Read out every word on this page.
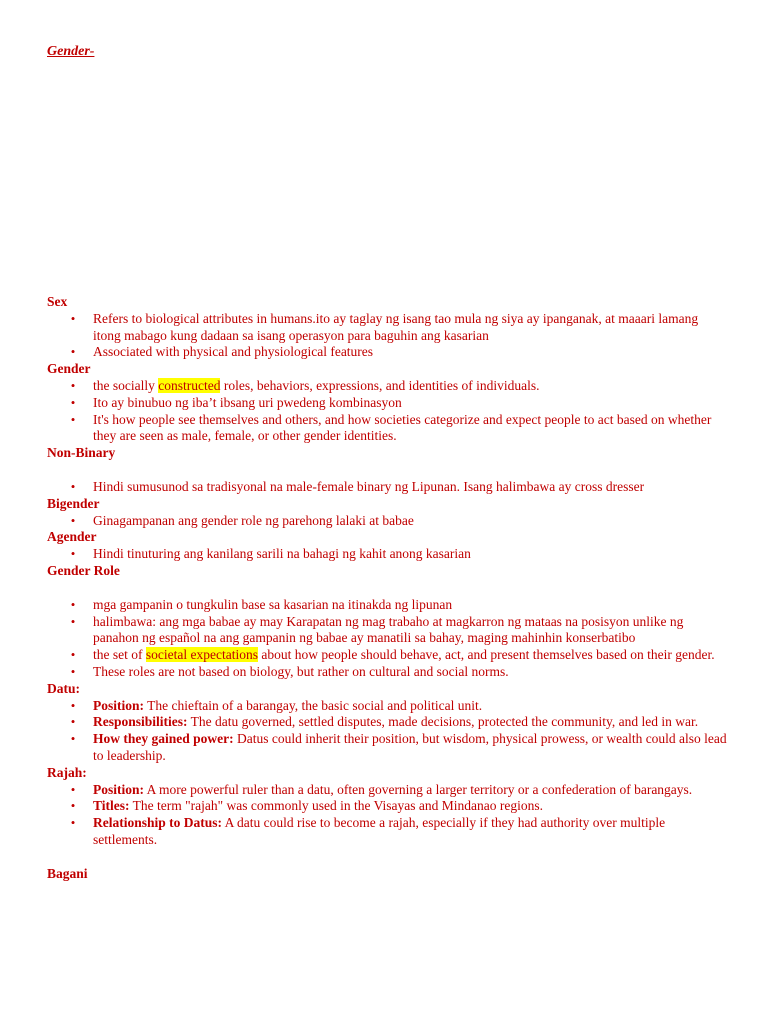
Gender-

Sex

• Refers to biological attributes in humans.ito ay taglay ng isang tao mula ng siya ay ipanganak, at maaari lamang itong mabago kung dadaan sa isang operasyon para baguhin ang kasarian
• Associated with physical and physiological features

Gender

• the socially constructed roles, behaviors, expressions, and identities of individuals.
• Ito ay binubuo ng iba’t ibsang uri pwedeng kombinasyon
• It's how people see themselves and others, and how societies categorize and expect people to act based on whether they are seen as male, female, or other gender identities.

Non-Binary

• Hindi sumusunod sa tradisyonal na male-female binary ng Lipunan. Isang halimbawa ay cross dresser

Bigender

• Ginagampanan ang gender role ng parehong lalaki at babae

Agender

• Hindi tinuturing ang kanilang sarili na bahagi ng kahit anong kasarian

Gender Role

• mga gampanin o tungkulin base sa kasarian na itinakda ng lipunan
• halimbawa: ang mga babae ay may Karapatan ng mag trabaho at magkarron ng mataas na posisyon unlike ng panahon ng español na ang gampanin ng babae ay manatili sa bahay, maging mahinhin konserbatibo
• the set of societal expectations about how people should behave, act, and present themselves based on their gender.
• These roles are not based on biology, but rather on cultural and social norms.

Datu:

• Position: The chieftain of a barangay, the basic social and political unit.
• Responsibilities: The datu governed, settled disputes, made decisions, protected the community, and led in war.
• How they gained power: Datus could inherit their position, but wisdom, physical prowess, or wealth could also lead to leadership.

Rajah:

• Position: A more powerful ruler than a datu, often governing a larger territory or a confederation of barangays.
• Titles: The term "rajah" was commonly used in the Visayas and Mindanao regions.
• Relationship to Datus: A datu could rise to become a rajah, especially if they had authority over multiple settlements.

Bagani
